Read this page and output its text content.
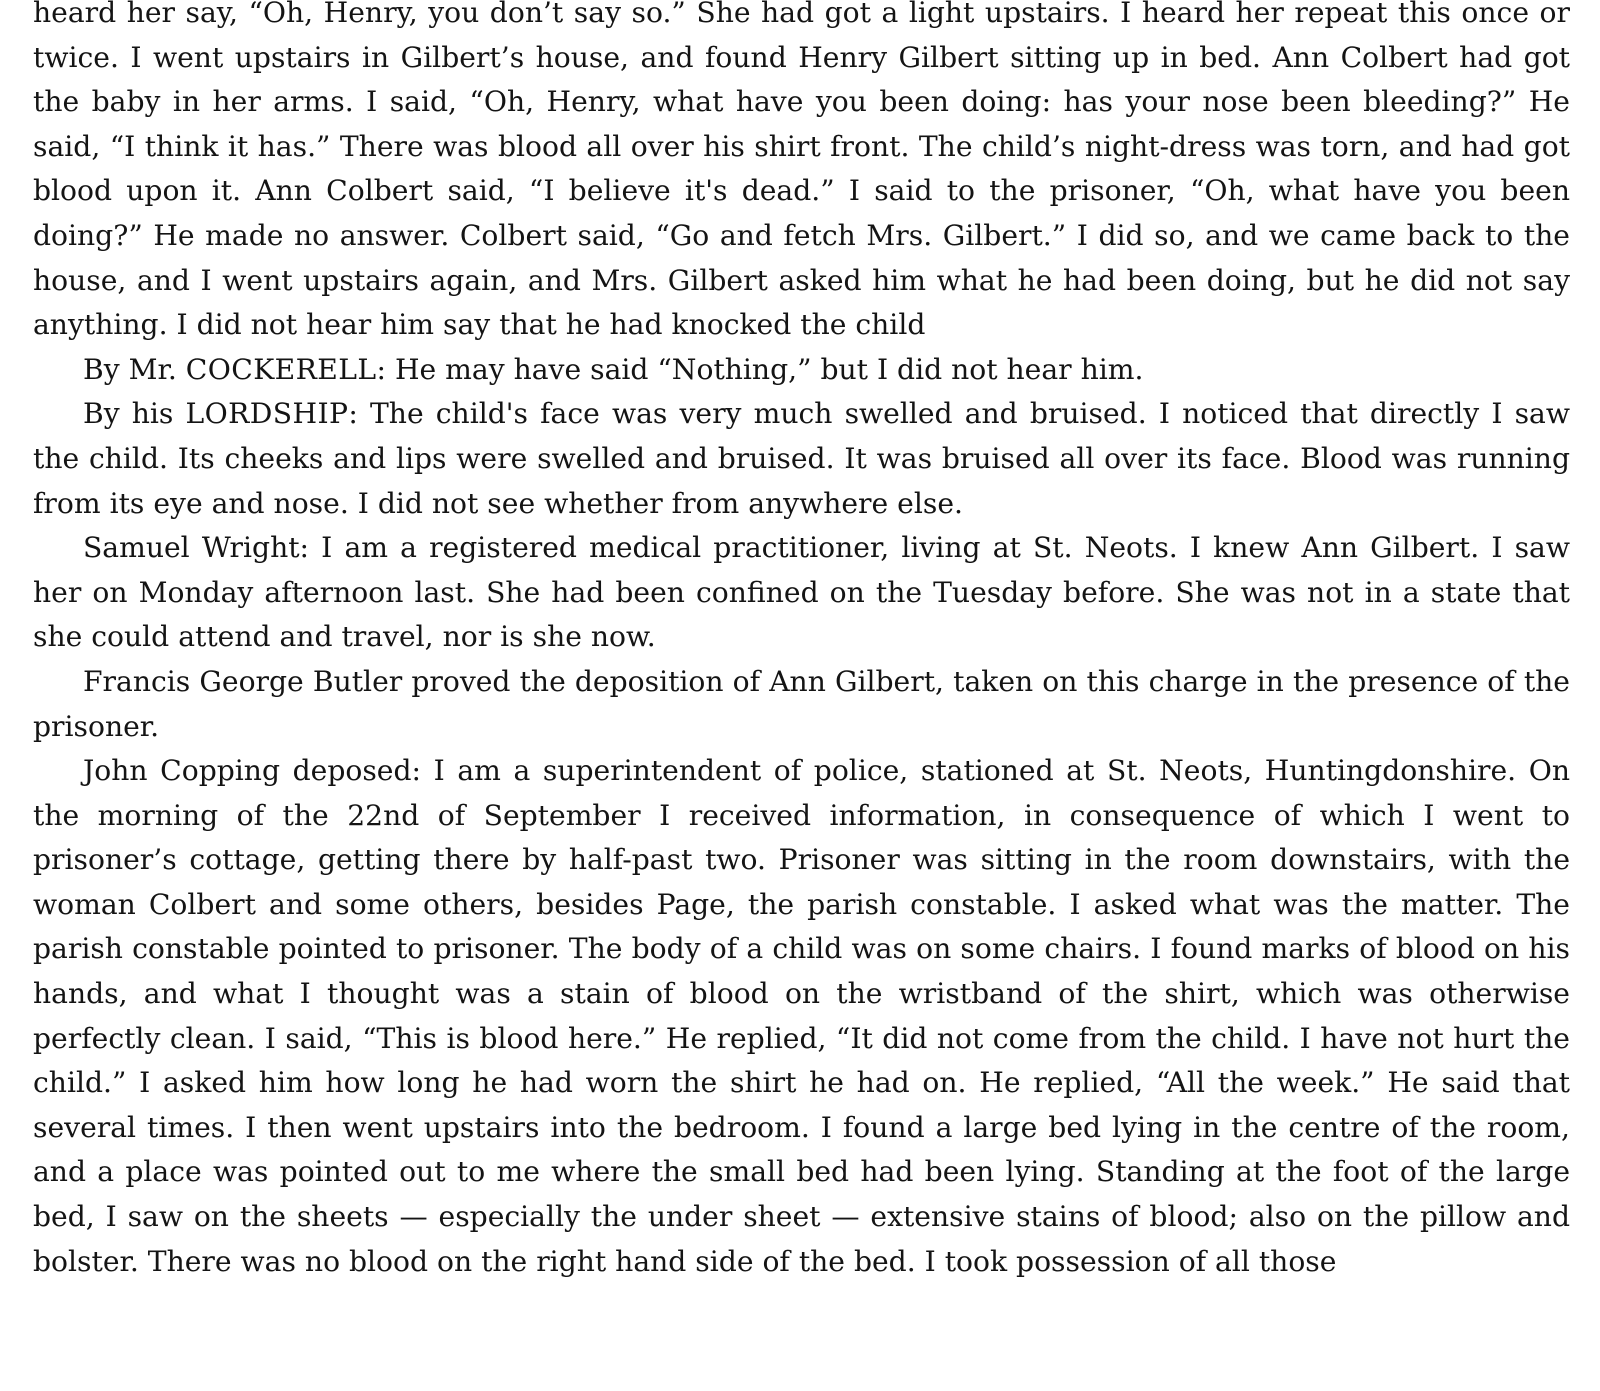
heard her say, “Oh, Henry, you don’t say so.” She had got a light upstairs. I heard her repeat this once or twice. I went upstairs in Gilbert’s house, and found Henry Gilbert sitting up in bed. Ann Colbert had got the baby in her arms. I said, “Oh, Henry, what have you been doing: has your nose been bleeding?” He said, “I think it has.” There was blood all over his shirt front. The child’s night-dress was torn, and had got blood upon it. Ann Colbert said, “I believe it's dead.” I said to the prisoner, “Oh, what have you been doing?” He made no answer. Colbert said, “Go and fetch Mrs. Gilbert.” I did so, and we came back to the house, and I went upstairs again, and Mrs. Gilbert asked him what he had been doing, but he did not say anything. I did not hear him say that he had knocked the child

By Mr. COCKERELL: He may have said “Nothing,” but I did not hear him.

By his LORDSHIP: The child's face was very much swelled and bruised. I noticed that directly I saw the child. Its cheeks and lips were swelled and bruised. It was bruised all over its face. Blood was running from its eye and nose. I did not see whether from anywhere else.

Samuel Wright: I am a registered medical practitioner, living at St. Neots. I knew Ann Gilbert. I saw her on Monday afternoon last. She had been confined on the Tuesday before. She was not in a state that she could attend and travel, nor is she now.

Francis George Butler proved the deposition of Ann Gilbert, taken on this charge in the presence of the prisoner.

John Copping deposed: I am a superintendent of police, stationed at St. Neots, Huntingdonshire. On the morning of the 22nd of September I received information, in consequence of which I went to prisoner’s cottage, getting there by half-past two. Prisoner was sitting in the room downstairs, with the woman Colbert and some others, besides Page, the parish constable. I asked what was the matter. The parish constable pointed to prisoner. The body of a child was on some chairs. I found marks of blood on his hands, and what I thought was a stain of blood on the wristband of the shirt, which was otherwise perfectly clean. I said, “This is blood here.” He replied, “It did not come from the child. I have not hurt the child.” I asked him how long he had worn the shirt he had on. He replied, “All the week.” He said that several times. I then went upstairs into the bedroom. I found a large bed lying in the centre of the room, and a place was pointed out to me where the small bed had been lying. Standing at the foot of the large bed, I saw on the sheets — especially the under sheet — extensive stains of blood; also on the pillow and bolster. There was no blood on the right hand side of the bed. I took possession of all those
